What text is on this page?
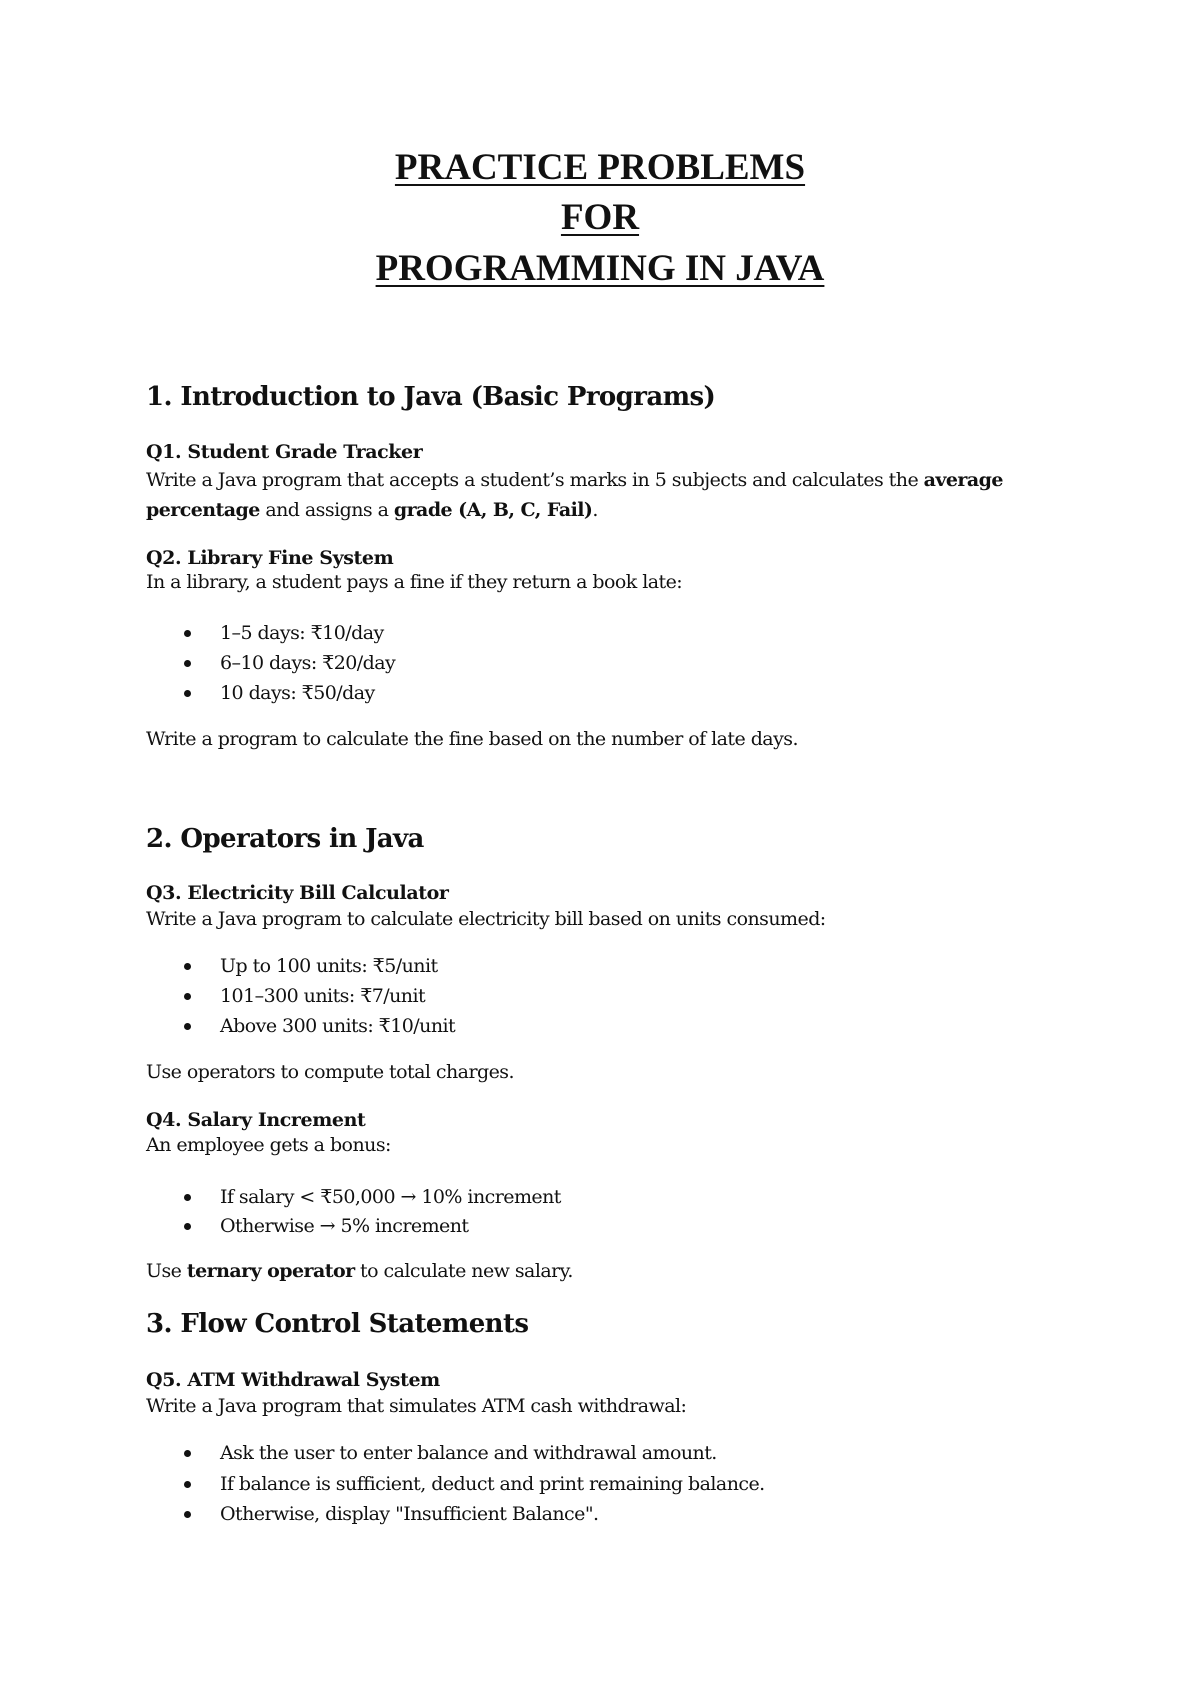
PRACTICE PROBLEMS
FOR
PROGRAMMING IN JAVA
1. Introduction to Java (Basic Programs)
Q1. Student Grade Tracker

Write a Java program that accepts a student’s marks in 5 subjects and calculates the average percentage and assigns a grade (A, B, C, Fail).

Q2. Library Fine System

In a library, a student pays a fine if they return a book late:

1–5 days: ₹10/day
6–10 days: ₹20/day
10 days: ₹50/day

Write a program to calculate the fine based on the number of late days.

2. Operators in Java
Q3. Electricity Bill Calculator

Write a Java program to calculate electricity bill based on units consumed:

Up to 100 units: ₹5/unit
101–300 units: ₹7/unit
Above 300 units: ₹10/unit

Use operators to compute total charges.

Q4. Salary Increment

An employee gets a bonus:

If salary < ₹50,000 → 10% increment
Otherwise → 5% increment

Use ternary operator to calculate new salary.

3. Flow Control Statements
Q5. ATM Withdrawal System

Write a Java program that simulates ATM cash withdrawal:

Ask the user to enter balance and withdrawal amount.
If balance is sufficient, deduct and print remaining balance.
Otherwise, display "Insufficient Balance".
